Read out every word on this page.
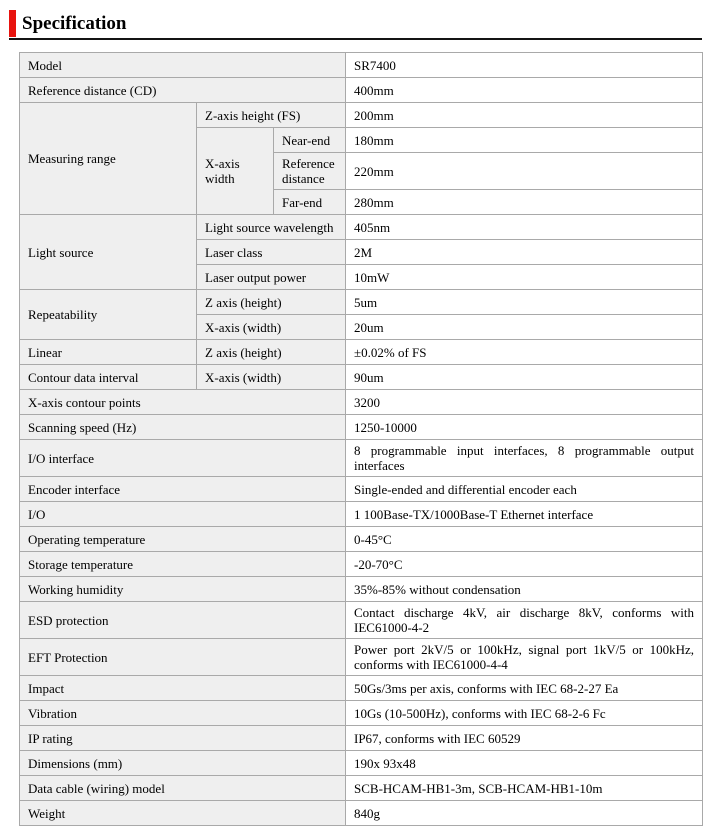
Specification
Model			SR7400
Reference distance (CD)			400mm
Measuring range	Z-axis height (FS)		200mm
	X-axis width	Near-end	180mm
		Reference distance	220mm
		Far-end	280mm
Light source	Light source wavelength		405nm
	Laser class		2M
	Laser output power		10mW
Repeatability	Z axis (height)		5um
	X-axis (width)		20um
Linear	Z axis (height)		±0.02% of FS
Contour data interval	X-axis (width)		90um
X-axis contour points			3200
Scanning speed (Hz)			1250-10000
I/O interface			8 programmable input interfaces, 8 programmable output interfaces
Encoder interface			Single-ended and differential encoder each
I/O			1 100Base-TX/1000Base-T Ethernet interface
Operating temperature			0-45°C
Storage temperature			-20-70°C
Working humidity			35%-85% without condensation
ESD protection			Contact discharge 4kV, air discharge 8kV, conforms with IEC61000-4-2
EFT Protection			Power port 2kV/5 or 100kHz, signal port 1kV/5 or 100kHz, conforms with IEC61000-4-4
Impact			50Gs/3ms per axis, conforms with IEC 68-2-27 Ea
Vibration			10Gs (10-500Hz), conforms with IEC 68-2-6 Fc
IP rating			IP67, conforms with IEC 60529
Dimensions (mm)			190x 93x48
Data cable (wiring) model			SCB-HCAM-HB1-3m, SCB-HCAM-HB1-10m
Weight			840g
